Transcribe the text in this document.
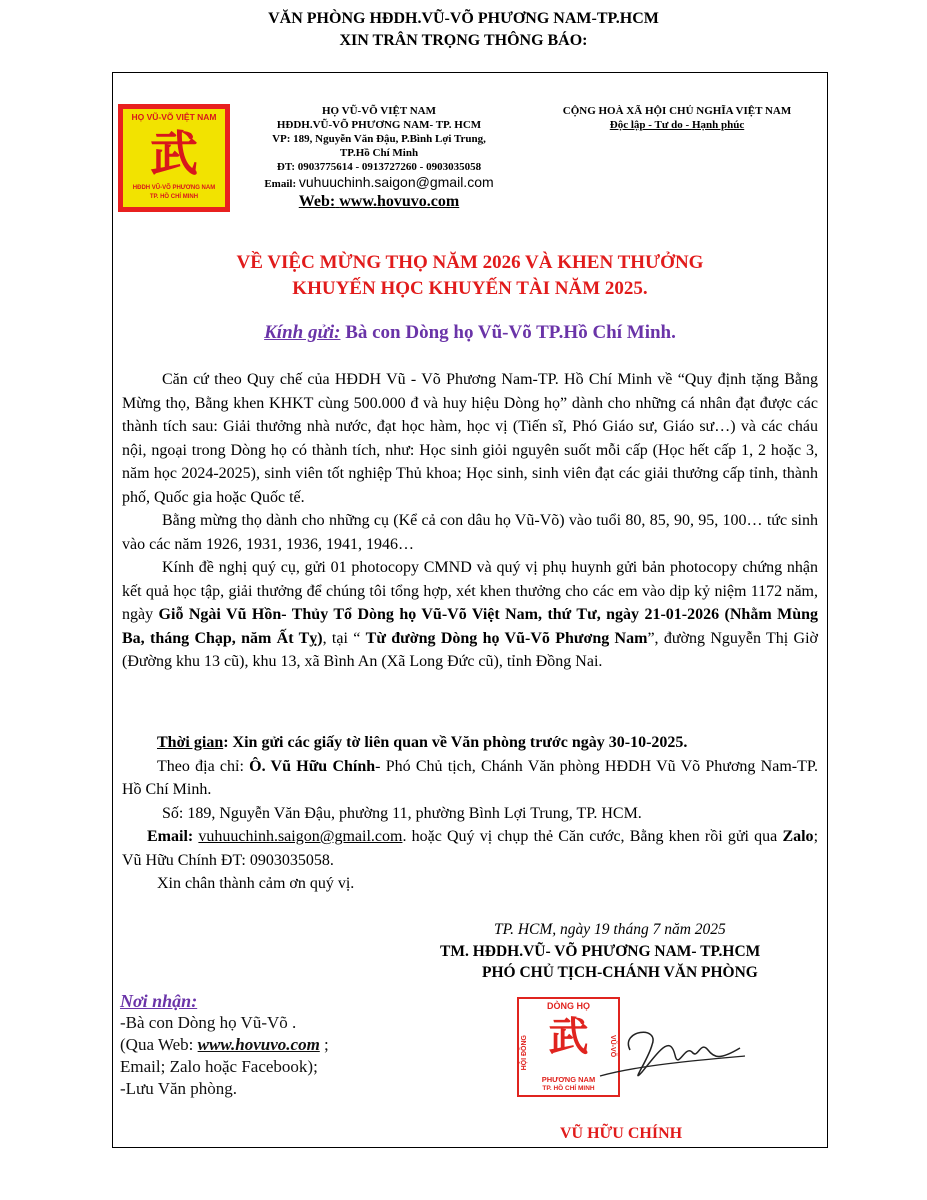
VĂN PHÒNG HĐDH.VŨ-VÕ PHƯƠNG NAM-TP.HCM
XIN TRÂN TRỌNG THÔNG BÁO:
HỌ VŨ-VÕ VIỆT NAM
武
HĐDH VŨ-VÕ PHƯƠNG NAM
TP. HỒ CHÍ MINH
HỌ VŨ-VÕ VIỆT NAM
HĐDH.VŨ-VÕ PHƯƠNG NAM- TP. HCM
VP: 189, Nguyễn Văn Đậu, P.Bình Lợi Trung,
TP.Hồ Chí Minh
ĐT: 0903775614 - 0913727260 - 0903035058
Email: vuhuuchinh.saigon@gmail.com
Web: www.hovuvo.com
CỘNG HOÀ XÃ HỘI CHỦ NGHĨA VIỆT NAM
Độc lập - Tư do - Hạnh phúc
VỀ VIỆC MỪNG THỌ NĂM 2026 VÀ KHEN THƯỞNG
KHUYẾN HỌC KHUYẾN TÀI NĂM 2025.
Kính gửi: Bà con Dòng họ Vũ-Võ TP.Hồ Chí Minh.

Căn cứ theo Quy chế của HĐDH Vũ - Võ Phương Nam-TP. Hồ Chí Minh về “Quy định tặng Bằng Mừng thọ, Bằng khen KHKT cùng 500.000 đ và huy hiệu Dòng họ” dành cho những cá nhân đạt được các thành tích sau: Giải thưởng nhà nước, đạt học hàm, học vị (Tiến sĩ, Phó Giáo sư, Giáo sư…) và các cháu nội, ngoại trong Dòng họ có thành tích, như: Học sinh giỏi nguyên suốt mỗi cấp (Học hết cấp 1, 2 hoặc 3, năm học 2024-2025), sinh viên tốt nghiệp Thủ khoa; Học sinh, sinh viên đạt các giải thưởng cấp tỉnh, thành phố, Quốc gia hoặc Quốc tế.

Bằng mừng thọ dành cho những cụ (Kể cả con dâu họ Vũ-Võ) vào tuổi 80, 85, 90, 95, 100… tức sinh vào các năm 1926, 1931, 1936, 1941, 1946…

Kính đề nghị quý cụ, gửi 01 photocopy CMND và quý vị phụ huynh gửi bản photocopy chứng nhận kết quả học tập, giải thưởng để chúng tôi tổng hợp, xét khen thưởng cho các em vào dịp kỷ niệm 1172 năm, ngày Giỗ Ngài Vũ Hồn- Thủy Tổ Dòng họ Vũ-Võ Việt Nam, thứ Tư, ngày 21-01-2026 (Nhằm Mùng Ba, tháng Chạp, năm Ất Tỵ), tại “ Từ đường Dòng họ Vũ-Võ Phương Nam”, đường Nguyễn Thị Giờ (Đường khu 13 cũ), khu 13, xã Bình An (Xã Long Đức cũ), tỉnh Đồng Nai.

Thời gian: Xin gửi các giấy tờ liên quan về Văn phòng trước ngày 30-10-2025.

Theo địa chỉ: Ô. Vũ Hữu Chính- Phó Chủ tịch, Chánh Văn phòng HĐDH Vũ Võ Phương Nam-TP. Hồ Chí Minh.

Số: 189, Nguyễn Văn Đậu, phường 11, phường Bình Lợi Trung, TP. HCM.

Email: vuhuuchinh.saigon@gmail.com. hoặc Quý vị chụp thẻ Căn cước, Bằng khen rồi gửi qua Zalo; Vũ Hữu Chính ĐT: 0903035058.

Xin chân thành cảm ơn quý vị.

TP. HCM, ngày 19 tháng 7 năm 2025
TM. HĐDH.VŨ- VÕ PHƯƠNG NAM- TP.HCM
PHÓ CHỦ TỊCH-CHÁNH VĂN PHÒNG
DÒNG HỌ
HỘI ĐỒNG 武	VŨ-VÕ
PHƯƠNG NAM
TP. HỒ CHÍ MINH
VŨ HỮU CHÍNH
Nơi nhận:
-Bà con Dòng họ Vũ-Võ .
(Qua Web: www.hovuvo.com ;
Email; Zalo hoặc Facebook);
-Lưu Văn phòng.
